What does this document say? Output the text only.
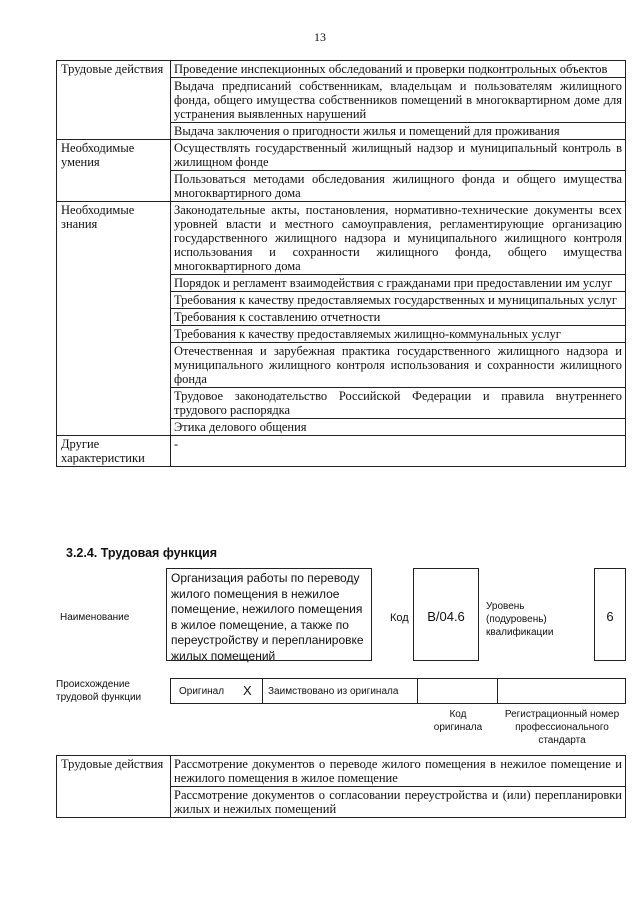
13
Трудовые действия	Проведение инспекционных обследований и проверки подконтрольных объектов
	Выдача предписаний собственникам, владельцам и пользователям жилищного фонда, общего имущества собственников помещений в многоквартирном доме для устранения выявленных нарушений
	Выдача заключения о пригодности жилья и помещений для проживания
Необходимые умения	Осуществлять государственный жилищный надзор и муниципальный контроль в жилищном фонде
	Пользоваться методами обследования жилищного фонда и общего имущества многоквартирного дома
Необходимые знания	Законодательные акты, постановления, нормативно-технические документы всех уровней власти и местного самоуправления, регламентирующие организацию государственного жилищного надзора и муниципального жилищного контроля использования и сохранности жилищного фонда, общего имущества многоквартирного дома
	Порядок и регламент взаимодействия с гражданами при предоставлении им услуг
	Требования к качеству предоставляемых государственных и муниципальных услуг
	Требования к составлению отчетности
	Требования к качеству предоставляемых жилищно-коммунальных услуг
	Отечественная и зарубежная практика государственного жилищного надзора и муниципального жилищного контроля использования и сохранности жилищного фонда
	Трудовое законодательство Российской Федерации и правила внутреннего трудового распорядка
	Этика делового общения
Другие характеристики	-
3.2.4. Трудовая функция
Наименование
Организация работы по переводу жилого помещения в нежилое помещение, нежилого помещения в жилое помещение, а также по переустройству и перепланировке жилых помещений
Код	B/04.6
Уровень (подуровень) квалификации
6
Происхождение трудовой функции
Оригинал X Заимствовано из оригинала
Код оригинала
Регистрационный номер профессионального стандарта
Трудовые действия	Рассмотрение документов о переводе жилого помещения в нежилое помещение и нежилого помещения в жилое помещение
Рассмотрение документов о согласовании переустройства и (или) перепланировки жилых и нежилых помещений
